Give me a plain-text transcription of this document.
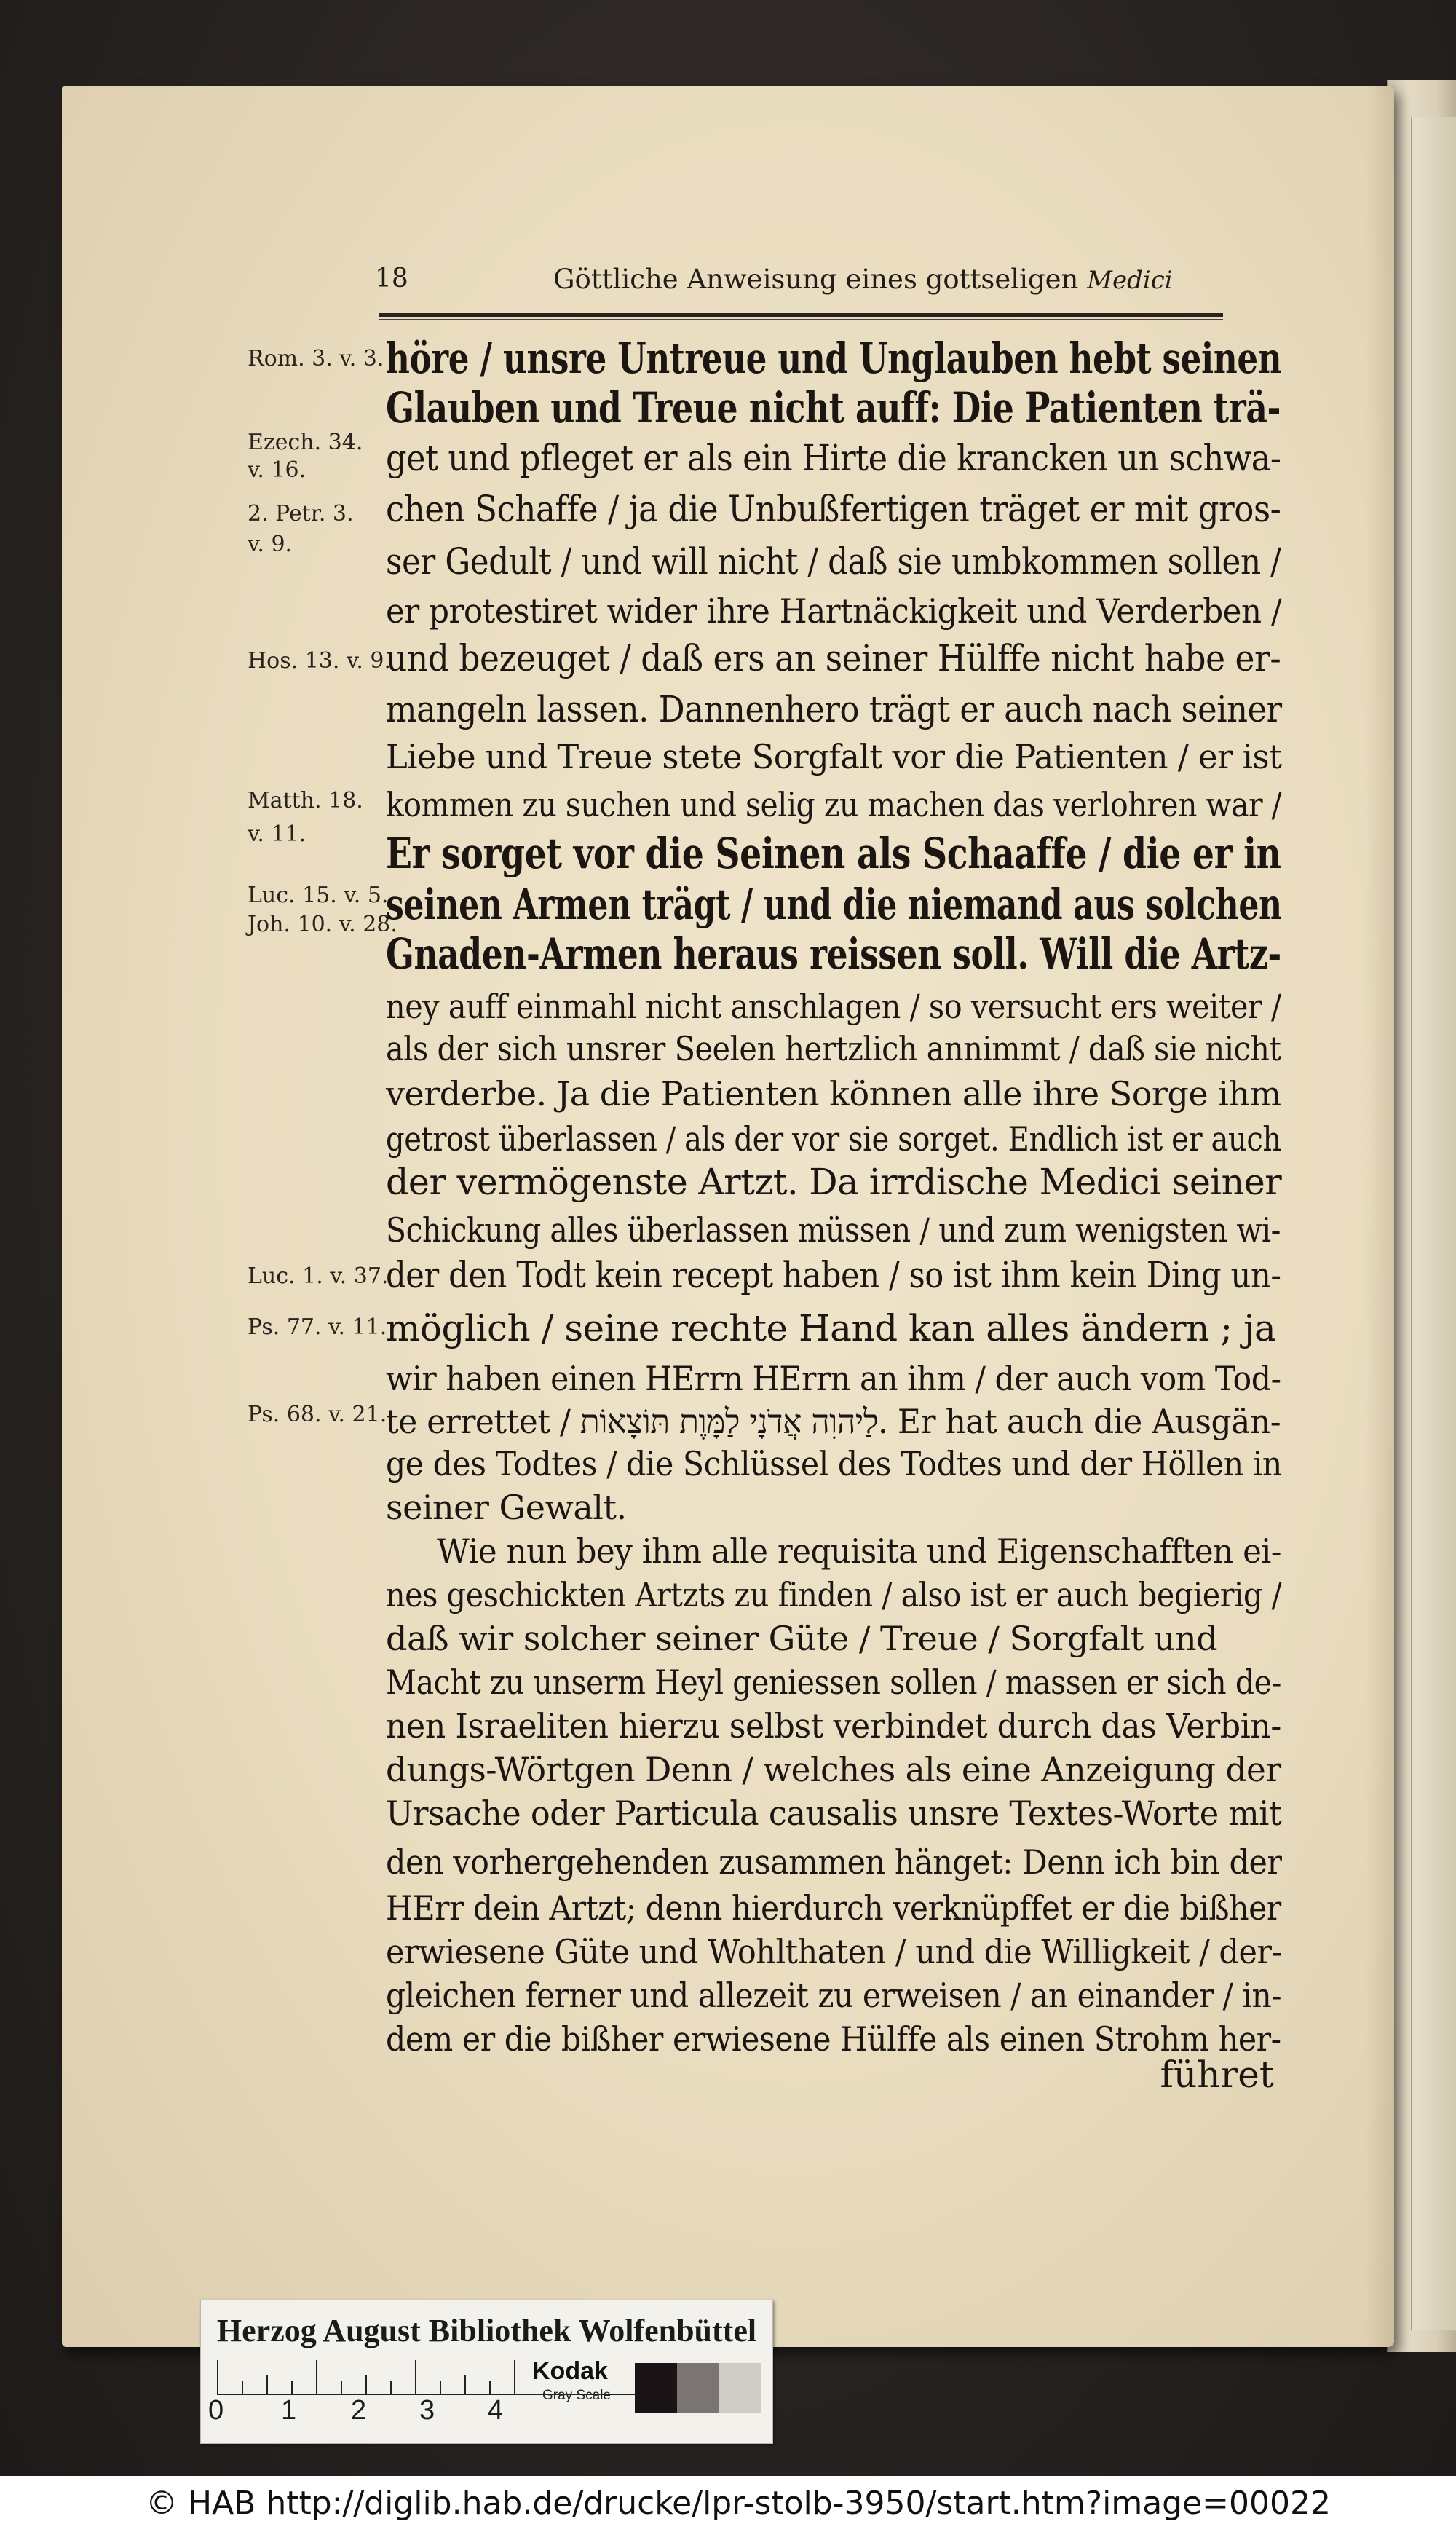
18	Göttliche Anweisung eines gottseligen Medici
Rom. 3. v. 3.
Ezech. 34.
v. 16.
2. Petr. 3.
v. 9.
Hos. 13. v. 9.
Matth. 18.
v. 11.
Luc. 15. v. 5.
Joh. 10. v. 28.
Luc. 1. v. 37.
Ps. 77. v. 11.
Ps. 68. v. 21.
höre / unsre Untreue und Unglauben hebt seinen
Glauben und Treue nicht auff: Die Patienten trä-
get und pfleget er als ein Hirte die krancken un schwa-
chen Schaffe / ja die Unbußfertigen träget er mit gros-
ser Gedult / und will nicht / daß sie umbkommen sollen /
er protestiret wider ihre Hartnäckigkeit und Verderben /
und bezeuget / daß ers an seiner Hülffe nicht habe er-
mangeln lassen. Dannenhero trägt er auch nach seiner
Liebe und Treue stete Sorgfalt vor die Patienten / er ist
kommen zu suchen und selig zu machen das verlohren war /
Er sorget vor die Seinen als Schaaffe / die er in
seinen Armen trägt / und die niemand aus solchen
Gnaden-Armen heraus reissen soll. Will die Artz-
ney auff einmahl nicht anschlagen / so versucht ers weiter /
als der sich unsrer Seelen hertzlich annimmt / daß sie nicht
verderbe. Ja die Patienten können alle ihre Sorge ihm
getrost überlassen / als der vor sie sorget. Endlich ist er auch
der vermögenste Artzt. Da irrdische Medici seiner
Schickung alles überlassen müssen / und zum wenigsten wi-
der den Todt kein recept haben / so ist ihm kein Ding un-
möglich / seine rechte Hand kan alles ändern ; ja
wir haben einen HErrn HErrn an ihm / der auch vom Tod-
te errettet / לַיהוִה אֲדֹנָי לַמָּוֶת תּוֹצָאוֹת. Er hat auch die Ausgän-
ge des Todtes / die Schlüssel des Todtes und der Höllen in
seiner Gewalt.
Wie nun bey ihm alle requisita und Eigenschafften ei-
nes geschickten Artzts zu finden / also ist er auch begierig /
daß wir solcher seiner Güte / Treue / Sorgfalt und
Macht zu unserm Heyl geniessen sollen / massen er sich de-
nen Israeliten hierzu selbst verbindet durch das Verbin-
dungs-Wörtgen Denn / welches als eine Anzeigung der
Ursache oder Particula causalis unsre Textes-Worte mit
den vorhergehenden zusammen hänget: Denn ich bin der
HErr dein Artzt; denn hierdurch verknüpffet er die bißher
erwiesene Güte und Wohlthaten / und die Willigkeit / der-
gleichen ferner und allezeit zu erweisen / an einander / in-
dem er die bißher erwiesene Hülffe als einen Strohm her-
führet
Herzog August Bibliothek Wolfenbüttel
0 1 2 3 4
Kodak
Gray Scale
© HAB http://diglib.hab.de/drucke/lpr-stolb-3950/start.htm?image=00022
